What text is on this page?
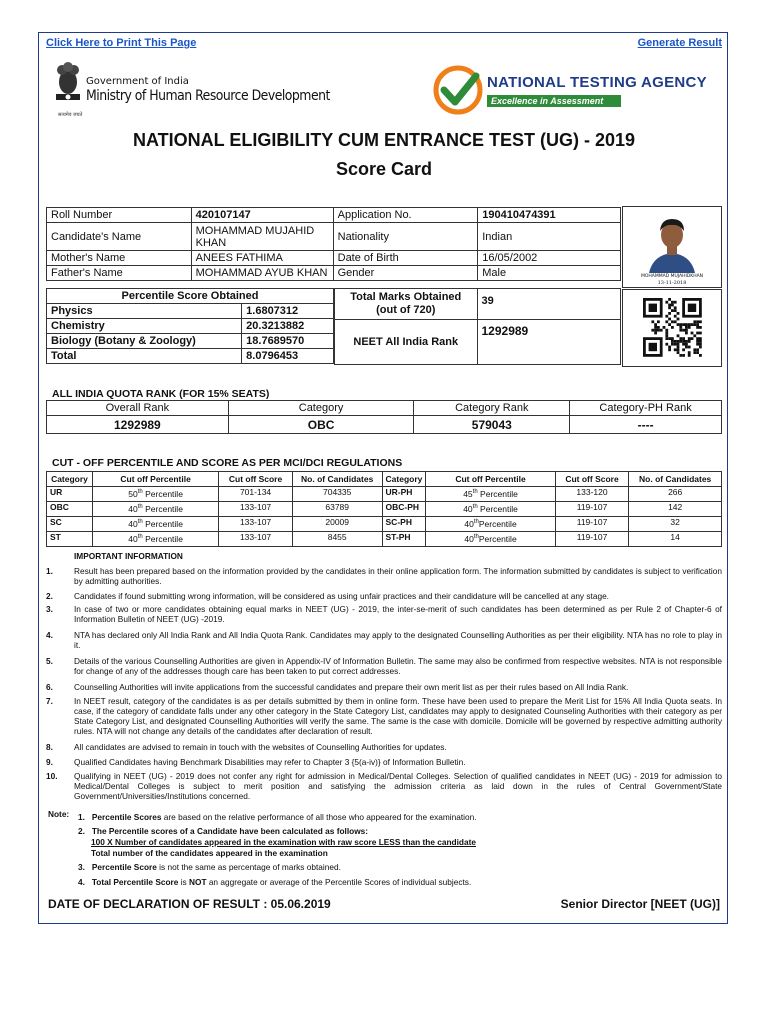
Click Here to Print This Page	Generate Result
Government of India
Ministry of Human Resource Development
सत्यमेव जयते
NATIONAL TESTING AGENCY
Excellence in Assessment
NATIONAL ELIGIBILITY CUM ENTRANCE TEST (UG) - 2019
Score Card
Roll Number	420107147	Application No.	190410474391
Candidate's Name	MOHAMMAD MUJAHID KHAN	Nationality	Indian
Mother's Name	ANEES FATHIMA	Date of Birth	16/05/2002
Father's Name	MOHAMMAD AYUB KHAN	Gender	Male	MOHAMMAD MUJAHIDKHAN
13-11-2018
Percentile Score Obtained	
Physics	1.6807312
Chemistry	20.3213882
Biology (Botany & Zoology)	18.7689570
Total	8.0796453
Total Marks Obtained (out of 720)	39
NEET All India Rank	1292989
ALL INDIA QUOTA RANK (FOR 15% SEATS)
Overall Rank	Category	Category Rank	Category-PH Rank
1292989	OBC	579043	----
CUT - OFF PERCENTILE AND SCORE AS PER MCI/DCI REGULATIONS
Category	Cut off Percentile	Cut off Score	No. of Candidates	Category	Cut off Percentile	Cut off Score	No. of Candidates
UR	50th Percentile	701-134	704335	UR-PH	45th Percentile	133-120	266
OBC	40th Percentile	133-107	63789	OBC-PH	40th Percentile	119-107	142
SC	40th Percentile	133-107	20009	SC-PH	40thPercentile	119-107	32
ST	40th Percentile	133-107	8455	ST-PH	40thPercentile	119-107	14
IMPORTANT INFORMATION
1.	Result has been prepared based on the information provided by the candidates in their online application form. The information submitted by candidates is subject to verification by admitting authorities.
2.	Candidates if found submitting wrong information, will be considered as using unfair practices and their candidature will be cancelled at any stage.
3.	In case of two or more candidates obtaining equal marks in NEET (UG) - 2019, the inter-se-merit of such candidates has been determined as per Rule 2 of Chapter-6 of Information Bulletin of NEET (UG) -2019.
4.	NTA has declared only All India Rank and All India Quota Rank. Candidates may apply to the designated Counselling Authorities as per their eligibility. NTA has no role to play in it.
5.	Details of the various Counselling Authorities are given in Appendix-IV of Information Bulletin. The same may also be confirmed from respective websites. NTA is not responsible for change of any of the addresses though care has been taken to put correct addresses.
6.	Counselling Authorities will invite applications from the successful candidates and prepare their own merit list as per their rules based on All India Rank.
7.	In NEET result, category of the candidates is as per details submitted by them in online form. These have been used to prepare the Merit List for 15% All India Quota seats. In case, if the category of candidate falls under any other category in the State Category List, candidates may apply to designated Counseling Authorities with their category as per State Category List, and designated Counselling Authorities will verify the same. The same is the case with domicile. Domicile will be governed by respective admitting authority rules. NTA will not change any details of the candidates after declaration of result.
8.	All candidates are advised to remain in touch with the websites of Counselling Authorities for updates.
9.	Qualified Candidates having Benchmark Disabilities may refer to Chapter 3 {5(a-iv)} of Information Bulletin.
10. Qualifying in NEET (UG) - 2019 does not confer any right for admission in Medical/Dental Colleges. Selection of qualified candidates in NEET (UG) - 2019 for admission to Medical/Dental Colleges is subject to merit position and satisfying the admission criteria as laid down in the rules of Central Government/State Government/Universities/Institutions concerned.
Note: 1. Percentile Scores are based on the relative performance of all those who appeared for the examination.
2.   The Percentile scores of a Candidate have been calculated as follows:
100 X Number of candidates appeared in the examination with raw score LESS than the candidate
Total number of the candidates appeared in the examination
3. Percentile Score is not the same as percentage of marks obtained.
4. Total Percentile Score is NOT an aggregate or average of the Percentile Scores of individual subjects.
DATE OF DECLARATION OF RESULT : 05.06.2019	Senior Director [NEET (UG)]
